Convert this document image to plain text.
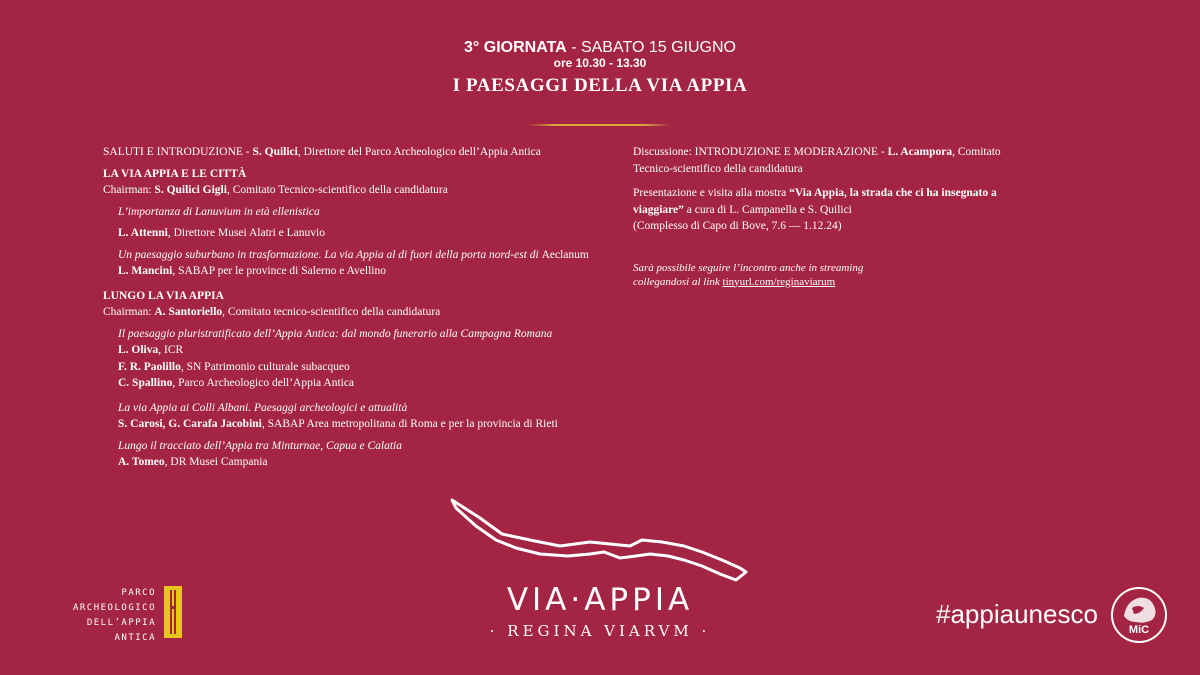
3° GIORNATA - SABATO 15 GIUGNO
ore 10.30 - 13.30
I PAESAGGI DELLA VIA APPIA
SALUTI E INTRODUZIONE - S. Quilici, Direttore del Parco Archeologico dell’Appia Antica
LA VIA APPIA E LE CITTÀ
Chairman: S. Quilici Gigli, Comitato Tecnico-scientifico della candidatura
L’importanza di Lanuvium in età ellenistica
L. Attenni, Direttore Musei Alatri e Lanuvio
Un paesaggio suburbano in trasformazione. La via Appia al di fuori della porta nord-est di Aeclanum
L. Mancini, SABAP per le province di Salerno e Avellino
LUNGO LA VIA APPIA
Chairman: A. Santoriello, Comitato tecnico-scientifico della candidatura
Il paesaggio pluristratificato dell’Appia Antica: dal mondo funerario alla Campagna Romana
L. Oliva, ICR
F. R. Paolillo, SN Patrimonio culturale subacqueo
C. Spallino, Parco Archeologico dell’Appia Antica
La via Appia ai Colli Albani. Paesaggi archeologici e attualità
S. Carosi, G. Carafa Jacobini, SABAP Area metropolitana di Roma e per la provincia di Rieti
Lungo il tracciato dell’Appia tra Minturnae, Capua e Calatia
A. Tomeo, DR Musei Campania
Discussione: INTRODUZIONE E MODERAZIONE - L. Acampora, Comitato Tecnico-scientifico della candidatura
Presentazione e visita alla mostra “Via Appia, la strada che ci ha insegnato a viaggiare” a cura di L. Campanella e S. Quilici
(Complesso di Capo di Bove, 7.6 — 1.12.24)
Sarà possibile seguire l’incontro anche in streaming
collegandosi al link tinyurl.com/reginaviarum
PARCO
ARCHEOLOGICO
DELL’APPIA
ANTICA
VIA·APPIA
· REGINA VIARVM ·
#appiaunesco
MiC
